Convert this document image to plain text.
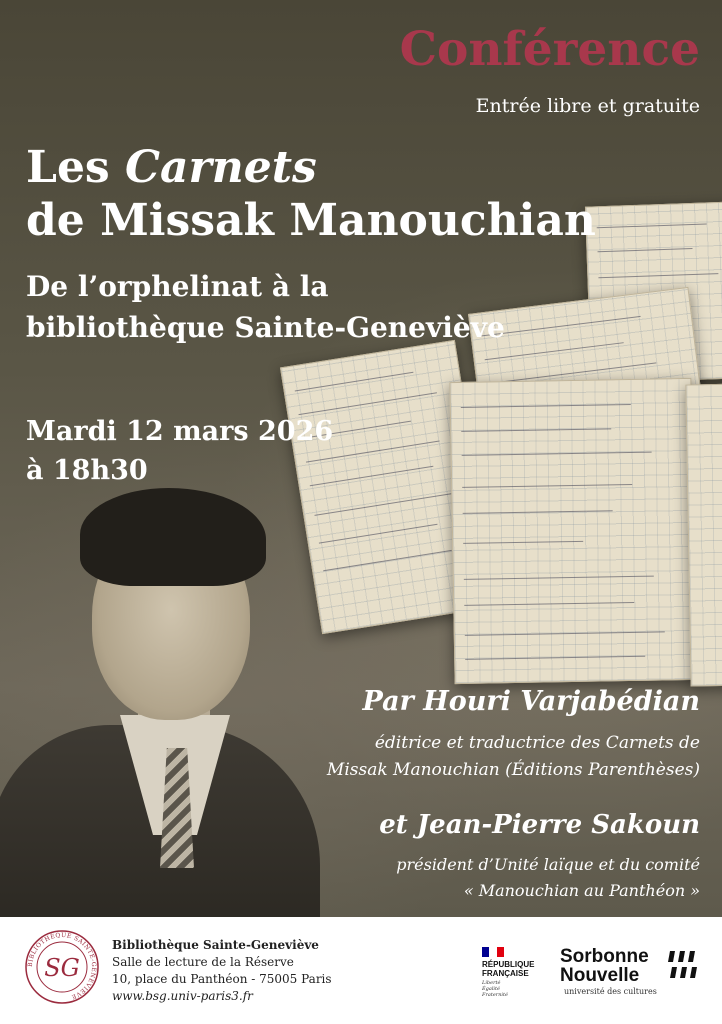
Conférence
Entrée libre et gratuite
Les Carnets
de Missak Manouchian
De l’orphelinat à la
bibliothèque Sainte-Geneviève
Mardi 12 mars 2026
à 18h30
Par Houri Varjabédian
éditrice et traductrice des Carnets de
Missak Manouchian (Éditions Parenthèses)
et Jean-Pierre Sakoun
président d’Unité laïque et du comité
« Manouchian au Panthéon »
BIBLIOTHÈQUE SAINTE-GENEVIÈVE
SG
Bibliothèque Sainte-Geneviève
Salle de lecture de la Réserve
10, place du Panthéon - 75005 Paris
www.bsg.univ-paris3.fr
RÉPUBLIQUE
FRANÇAISE
Liberté
Égalité
Fraternité
Sorbonne
Nouvelle
université des cultures
